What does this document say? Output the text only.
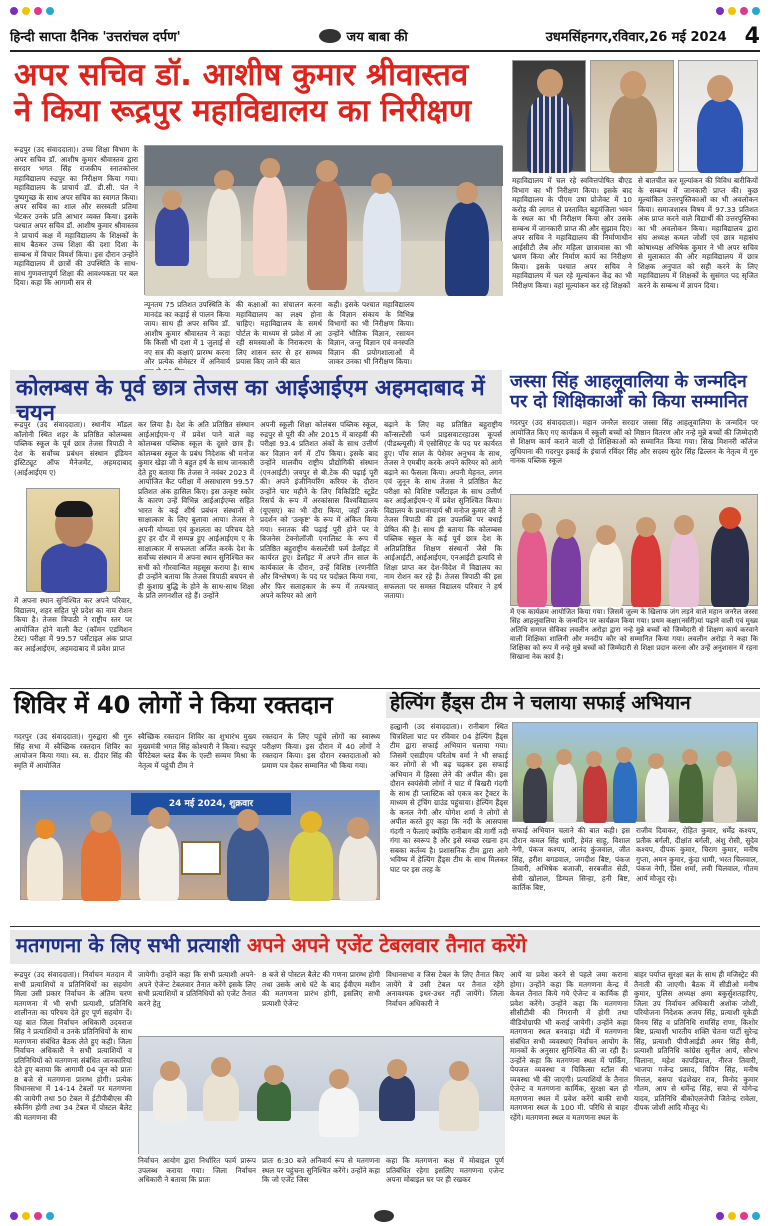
हिन्दी साप्ता दैनिक 'उत्तरांचल दर्पण'	जय बाबा की	उधमसिंहनगर,रविवार,26 मई 2024 4
अपर सचिव डॉ. आशीष कुमार श्रीवास्तव
ने किया रूद्रपुर महाविद्यालय का निरीक्षण
रूद्रपुर (उद संवाददाता)। उच्च शिक्षा विभाग के अपर सचिव डॉ. आशीष कुमार श्रीवास्तव द्वारा सरदार भगत सिंह राजकीय स्नातकोत्तर महाविद्यालय रुद्रपुर का निरीक्षण किया गया। महाविद्यालय के प्राचार्य डॉ. डी.सी. पंत ने पुष्पगुच्छ के साथ अपर सचिव का स्वागत किया। अपर सचिव का शाल और सरस्वती प्रतिमा भेंटकर उनके प्रति आभार व्यक्त किया। इसके पश्चात अपर सचिव डॉ. आशीष कुमार श्रीवास्तव ने प्राचार्य कक्ष में महाविद्यालय के शिक्षकों के साथ बैठकर उच्च शिक्षा की दशा दिशा के सम्बन्ध में विचार विमर्श किया। इस दौरान उन्होंने महाविद्यालय में छात्रों की उपस्थिति के साथ- साथ गुणवत्तापूर्ण शिक्षा की आवश्यकता पर बल दिया। कहा कि आगामी सत्र से
न्यूनतम 75 प्रतिशत उपस्थिति के मानदंड का कड़ाई से पालन किया जाय। साथ ही अपर सचिव डॉ. आशीष कुमार श्रीवास्तव ने कहा कि किसी भी दशा में 1 जुलाई से नए सत्र की कक्षाएं प्रारम्भ करना और प्रत्येक सेमेस्टर में अनिवार्य
की कक्षाओं का संचालन करना महाविद्यालय का लक्ष्य होना चाहिए। महाविद्यालय के समर्थ पोर्टल के माध्यम से प्रवेश में आ रही समस्याओं के निराकरण के लिए शासन स्तर से हर सम्भव प्रयास किए जाने की बात
कही। इसके पश्चात महाविद्यालय के विज्ञान संकाय के विभिन्न विभागों का भी निरीक्षण किया। उन्होंने भौतिक विज्ञान, रसायन विज्ञान, जन्तु विज्ञान एवं वनस्पति विज्ञान की प्रयोगशालाओं में जाकर उनका भी निरीक्षण किया।
महाविद्यालय में चल रहे स्ववित्तपोषित बीएड विभाग का भी निरीक्षण किया। इसके बाद महाविद्यालय के पीएम उषा प्रोजेक्ट में 10 करोड़ की लागत से प्रस्तावित बहुमंजिला भवन के स्थल का भी निरीक्षण किया और उसके सम्बन्ध में जानकारी प्राप्त की और सुझाव दिए। अपर सचिव ने महाविद्यालय की निर्माणाधीन आईसीटी लैब और महिला छात्रावास का भी भ्रमण किया और निर्माण कार्य का निरीक्षण किया। इसके पश्चात अपर सचिव ने महाविद्यालय में चल रहे मूल्यांकन केंद्र का भी निरीक्षण किया। वहां मूल्यांकन कर रहे शिक्षकों
से बातचीत कर मूल्यांकन की विविध बारीकियों के सम्बन्ध में जानकारी प्राप्त की। कुछ मूल्यांकित उत्तरपुस्तिकाओं का भी अवलोकन किया। समाजशास्त्र विषय में 97.33 प्रतिशत अंक प्राप्त करने वाले विद्यार्थी की उत्तरपुस्तिका का भी अवलोकन किया। महाविद्यालय द्वारा संघ अध्यक्ष कमल जोशी एवं छात्र महासंघ कोषाध्यक्ष अभिषेक कुमार ने भी अपर सचिव से मुलाकात की और महाविद्यालय में छात्र शिक्षक अनुपात को सही करने के लिए महाविद्यालय में शिक्षकों के सुसंगत पद सृजित करने के सम्बन्ध में ज्ञापन दिया।
कोलम्बस के पूर्व छात्र तेजस का आईआईएम अहमदाबाद में चयन
रूद्रपुर (उद संवाददाता)। स्थानीय मॉडल कॉलोनी स्थित शहर के प्रतिष्ठित कोलम्बस पब्लिक स्कूल के पूर्व छात्र तेजस त्रिपाठी ने देश के सर्वोच्च प्रबंधन संस्थान इंडियन इंस्टिट्यूट ऑफ मैनेजमेंट, अहमदाबाद (आईआईएम ए)
में अपना स्थान सुनिश्चित कर अपने परिवार, विद्यालय, शहर सहित पूरे प्रदेश का नाम रोशन किया है। तेजस त्रिपाठी ने राष्ट्रीय स्तर पर आयोजित होने वाली कैट (कॉमन एडमिशन टेस्ट) परीक्षा में 99.57 पर्सेंटाइल अंक प्राप्त कर आईआईएम, अहमदाबाद में प्रवेश प्राप्त
कर लिया है। देश के अति प्रतिष्ठित संस्थान आईआईएम-ए में प्रवेश पाने वाले वह कोलम्बस पब्लिक स्कूल के दूसरे छात्र हैं। कोलम्बस स्कूल के प्रबंध निदेशक श्री मनोज कुमार खेड़ा जी ने बहुत हर्ष के साथ जानकारी देते हुए बताया कि तेजस ने नवंबर 2023 में आयोजित कैट परीक्षा में असाधारण 99.57 प्रतिशत अंक हासिल किए। इस उत्कृष्ट स्कोर के कारण उन्हें विभिन्न आईआईएम्स सहित भारत के कई शीर्ष प्रबंधन संस्थानों से साक्षात्कार के लिए बुलावा आया। तेजस ने अपनी योग्यता एवं कुशलता का परिचय देते हुए हर दौर में सम्पन्न हुए आईआईएम ए के साक्षात्कार में सफलता अर्जित करके देश के सर्वोच्च संस्थान में अपना स्थान सुनिश्चित कर सभी को गौरवान्वित महसूस कराया है। साथ ही उन्होंने बताया कि तेजस त्रिपाठी बचपन से ही कुशाग्र बुद्धि के होने के साथ-साथ शिक्षा के प्रति लगनशील रहे हैं। उन्होंने
अपनी स्कूली शिक्षा कोलंबस पब्लिक स्कूल, रुद्रपुर से पूरी की और 2015 में बारहवीं की परीक्षा 93.4 प्रतिशत अंकों के साथ उत्तीर्ण कर विज्ञान वर्ग में टॉप किया। इसके बाद उन्होंने मालवीय राष्ट्रीय प्रौद्योगिकी संस्थान (एनआईटी) जयपुर से बी.टेक की पढ़ाई पूरी की। अपने इंजीनियरिंग करियर के दौरान उन्होंने चार महीने के लिए विकिडिटि स्टूडेंट रिसर्च के रूप में अरकांसास विश्वविद्यालय (यूएसए) का भी दौरा किया, जहाँ उनके प्रदर्शन को 'उत्कृष्ट' के रूप में अंकित किया गया। स्नातक की पढ़ाई पूरी होने पर वे बिजनेस टेक्नोलॉजी एनालिस्ट के रूप में प्रतिष्ठित बहुराष्ट्रीय कंसल्टेंसी फर्म डेलॉइट में कार्यरत हुए। डेलॉइट में अपने तीन साल के कार्यकाल के दौरान, उन्हें विशिष्ठ (रणनीति और विश्लेषण) के पद पर पदोन्नत किया गया, और फिर सलाहकार के रूप में तत्पश्चात् अपने करियर को आगे
बढ़ाने के लिए वह प्रतिष्ठित बहुराष्ट्रीय कॉन्सल्टेंसी फर्म प्राइसवाटरहाउस कूपर्स (पीडब्ल्यूसी) में एसोसिएट के पद पर कार्यरत हुए। पाँच साल के पेशेवर अनुभव के साथ, तेजस ने एमबीए करके अपने करियर को आगे बढ़ाने का फैसला किया। अपनी मेहनत, लगन एवं जुनून के साथ तेजस ने प्रतिष्ठित कैट परीक्षा को विशिष्ट पर्सेंटाइल के साथ उत्तीर्ण कर आईआईएम-ए में प्रवेश सुनिश्चित किया। विद्यालय के प्रधानाचार्य श्री मनोज कुमार जी ने तेजस त्रिपाठी की इस उपलब्धि पर बधाई प्रेषित की है। साथ ही बताया कि कोलम्बस पब्लिक स्कूल के कई पूर्व छात्र देश के अतिप्रतिष्ठित शिक्षण संस्थानों जैसे कि आईआईटी, आईआईएम, एनआईटी इत्यादि से शिक्षा प्राप्त कर देश-विदेश में विद्यालय का नाम रोशन कर रहे हैं। तेजस त्रिपाठी की इस सफलता पर समस्त विद्यालय परिवार ने हर्ष जताया।
जस्सा सिंह आहलूवालिया के जन्मदिन
पर दो शिक्षिकाओं को किया सम्मानित
गदरपुर (उद संवाददाता)। महान जनरैल सरदार जस्सा सिंह आहलूवालिया के जन्मदिन पर आयोजित किए गए कार्यक्रम में स्कूली बच्चों को मिष्ठान वितरण और नन्हे मुन्ने बच्चों की जिम्मेदारी से शिक्षण कार्य कराने वाली दो शिक्षिकाओं को सम्मानित किया गया। सिख मिशनरी कॉलेज लुधियाना की गदरपुर इकाई के इंचार्ज रविंदर सिंह और सदस्य सुदेर सिंह ढिल्लन के नेतृत्व में गुरु नानक पब्लिक स्कूल
में एक कार्यक्रम आयोजित किया गया। जिसमें जुल्म के खिलाफ जंग लड़ने वाले महान जनरैल जस्सा सिंह आहलूवालिया के जन्मदिन पर कार्यक्रम किया गया। प्रथम कक्षा(नर्सरी)यां पढ़ाने वाली एवं मुख्य अतिथि समाज सेविका लवलीन अरोड़ा द्वारा नन्हे मुन्ने बच्चों को जिम्मेदारी से शिक्षण कार्य करवाने वाली शिक्षिका शालिनी और मनदीप कौर को सम्मानित किया गया। लवलीन अरोड़ा ने कहा कि शिक्षिका को रूप में नन्हे मुन्ने बच्चों को जिम्मेदारी से शिक्षा प्रदान करना और उन्हें अनुशासन में रहना सिखाना नेक कार्य है।
शिविर में 40 लोगों ने किया रक्तदान
गदरपुर (उद संवाददाता)। गुरुद्वारा श्री गुरु सिंह सभा में स्वैच्छिक रक्तदान शिविर का आयोजन किया गया। स्व. स. दीदार सिंह की स्मृति में आयोजित
स्वैच्छिक रक्तदान शिविर का शुभारंभ मुख्य मुख्यमंत्री भगत सिंह कोश्यारी ने किया। रुद्रपुर चैरिटेबल ब्लड बैंक के एल्टी सव्यम मिश्रा के नेतृत्व में पहुंची टीम ने
रक्तदान के लिए पहुंचे लोगों का स्वास्थ्य परीक्षण किया। इस दौरान में 40 लोगों ने रक्तदान किया। इस दौरान रक्तदाताओं को प्रमाण पत्र देकर सम्मानित भी किया गया।
24 मई 2024, शुक्रवार
हेल्पिंग हैंड्स टीम ने चलाया सफाई अभियान
हल्द्वानी (उद संवाददाता)। रानीबाग स्थित चित्रशिला घाट पर रविवार 04 हेल्पिंग हैंड्स टीम द्वारा सफाई अभियान चलाया गया। जिसमें एसडीएम परितोष वर्मा ने भी सफाई कर लोगों से भी बढ़ चढ़कर इस सफाई अभियान में हिस्सा लेने की अपील की। इस दौरान स्वयंसेवी लोगों ने घाट में बिखरी गंदगी के साथ ही प्लास्टिक को एकत्र कर ट्रैक्टर के माध्यम से ट्रंचिंग ग्राउंड पहुंचाया। हेल्पिंग हैंड्स के कनल नेगी और योगेश शर्मा ने लोगों से अपील करते हुए कहा कि नदी के आसपास गंदगी न फैलाएं क्योंकि रानीबाग की गार्गी नदी गंगा का स्वरूप है और इसे स्वच्छ रखना हम सबका कर्तव्य है। प्रशासनिक टीम द्वारा आगे भविष्य में हेल्पिंग हैंड्स टीम के साथ मिलकर घाट पर इस तरह के
सफाई अभियान चलाने की बात कही। इस दौरान कमल सिंह धामी, हेमंत साहू, विशाल नेगी, पंकज कश्यप, आनंद कुंजवाल, जीत सिंह, हरीश बगडवाल, जगदीश बिष्ट, पंकज तिवारी, अभिषेक बजाजी, सरबजीत सेठी, सेवी खोलाल, डिम्पल सिन्हा, हनी बिष्ट, कार्तिक बिष्ट,
राजीव दिवाकर, रोहित कुमार, धर्मेंद्र कश्यप, प्रतीक बर्गली, दीक्षांत बर्गली, अंशु रोसी, सुदेव कश्यप, दीपक कुमार, चिराग कुमार, मनीष गुप्ता, अमन कुमार, कुंदा धामी, भरत चिलवाल, पंकज नेगी, प्रिंस शर्मा, लवी चिलवाल, गौतम आर्य मौजूद रहे।
मतगणना के लिए सभी प्रत्याशी अपने अपने एजेंट टेबलवार तैनात करेंगे
रूद्रपुर (उद संवाददाता)। निर्वाचन मतदान में सभी प्रत्याशियों व प्रतिनिधियों का सहयोग मिला उसी प्रकार निर्वाचन के अंतिम चरण मतगणना में भी सभी प्रत्याशी, प्रतिनिधि शालीनता का परिचय देते हुए पूर्ण सहयोग दें। यह बात जिला निर्वाचन अधिकारी उदयराज सिंह ने प्रत्याशियों व उनके प्रतिनिधियों के साथ मतगणना संबंधित बैठक लेते हुए कही। जिला निर्वाचन अधिकारी ने सभी प्रत्याशियों व प्रतिनिधियों को मतगणना संबंधित जानकारियां देते हुए बताया कि आगामी 04 जून को प्रातः 8 बजे से मतगणना प्रारम्भ होगी। प्रत्येक विधानसभा में 14-14 टेबलों पर मतगणना की जायेगी तथा 50 टेबल में ईटीपीबीएस की स्कैनिंग होगी तथा 34 टेबल में पोस्टल बैलेट की मतगणना की
जायेगी। उन्होंने कहा कि सभी प्रत्याशी अपने-अपने ऐजेन्ट टेबलवार तैनात करेंगे इसके लिए सभी प्रत्याशियों व प्रतिनिधियों को एजेंट तैनात करने हेतु
8 बजे से पोस्टल बैलेट की गणना प्रारम्भ होगी तथा उसके आधे घंटे के बाद ईवीएम मशीन की मतगणना प्रारंभ होगी, इसलिए सभी प्रत्याशी ऐजेन्ट
विधानसभा व जिस टेबल के लिए तैनात किए जायेंगे वे उसी टेबल पर तैनात रहेंगे अनावश्यक इधर-उधर नहीं जायेंगे। जिला निर्वाचन अधिकारी ने
निर्वाचन आयोग द्वारा निर्धारित फार्म प्रारूप उपलब्ध कराया गया। जिला निर्वाचन अधिकारी ने बताया कि प्रातः
प्रातः 6:30 बजे अनिवार्य रूप से मतगणना स्थल पर पहुंचना सुनिश्चित करेंगे। उन्होंने कहा कि जो एजेंट जिस
कहा कि मतगणना कक्ष में मोबाइल पूर्ण प्रतिबंधित रहेगा इसलिए मतगणना एजेन्ट अपना मोबाइल घर पर ही रखकर
आयें या प्रवेश करने से पहले जमा कराना होगा। उन्होंने कहा कि मतगणना केन्द्र में केवल तैनात किये गये ऐजेन्ट व कार्मिक ही प्रवेश करेंगे। उन्होंने कहा कि मतगणना सीसीटीवी की निगरानी में होगी तथा वीडियोग्राफी भी कराई जायेगी। उन्होंने कहा मतगणना स्थल बनवाड़ा मंडी में मतगणना संबंधित सभी व्यवस्थाएं निर्वाचन आयोग के मानकों के अनुसार सुनिश्चित की जा रही हैं। उन्होंने कहा कि मतगणना स्थल में पार्किंग, पेयजल व्यवस्था व चिकित्सा स्टॉल की व्यवस्था भी की जाएगी। प्रत्याशियों के तैनात ऐजेन्ट व मतगणना कार्मिक, सुरक्षा बल हो मतगणना स्थल में प्रवेश करेंगे बाकी सभी मतगणना स्थल के 100 मी. परिधि से बाहर रहेंगे। मतगणना स्थल व मतगणना स्थल के
बाहर पर्याप्त सुरक्षा बल के साथ ही मजिस्ट्रेट की तैनाती की जाएगी। बैठक में सीडीओ मनीष कुमार, पुलिस अध्यक्ष क्षमा बकुर्सुशतहारिए, जिला उप निर्वाचन अधिकारी अशोक जोशी, परियोजना निदेशक अजय सिंह, प्रत्याशी यूकेडी विनय सिंह व प्रतिनिधि रामसिंह राणा, किशोर बिष्ट, प्रत्याशी भारतीय शक्ति चेतना पार्टी सुरेन्द्र सिंह, प्रत्याशी पीपीआईडी अमर सिंह सैनी, प्रत्याशी प्रतिनिधि कांग्रेस सुनील आर्य, सौरभ चिलाना, महेश कापड़ियाल, नीरज तिवारी, भाजपा गजेन्द्र प्रसाद, विपिन सिंह, मनीष मित्तल, बसपा चंद्रशेखर राव, विनोद कुमार गौतम, आप से धर्मेन्द्र सिंह, सपा से योगेन्द्र यादव, प्रतिनिधि बीकोएलजेपी जितेन्द्र रावेला, दीपक जोशी आदि मौजूद थे।
